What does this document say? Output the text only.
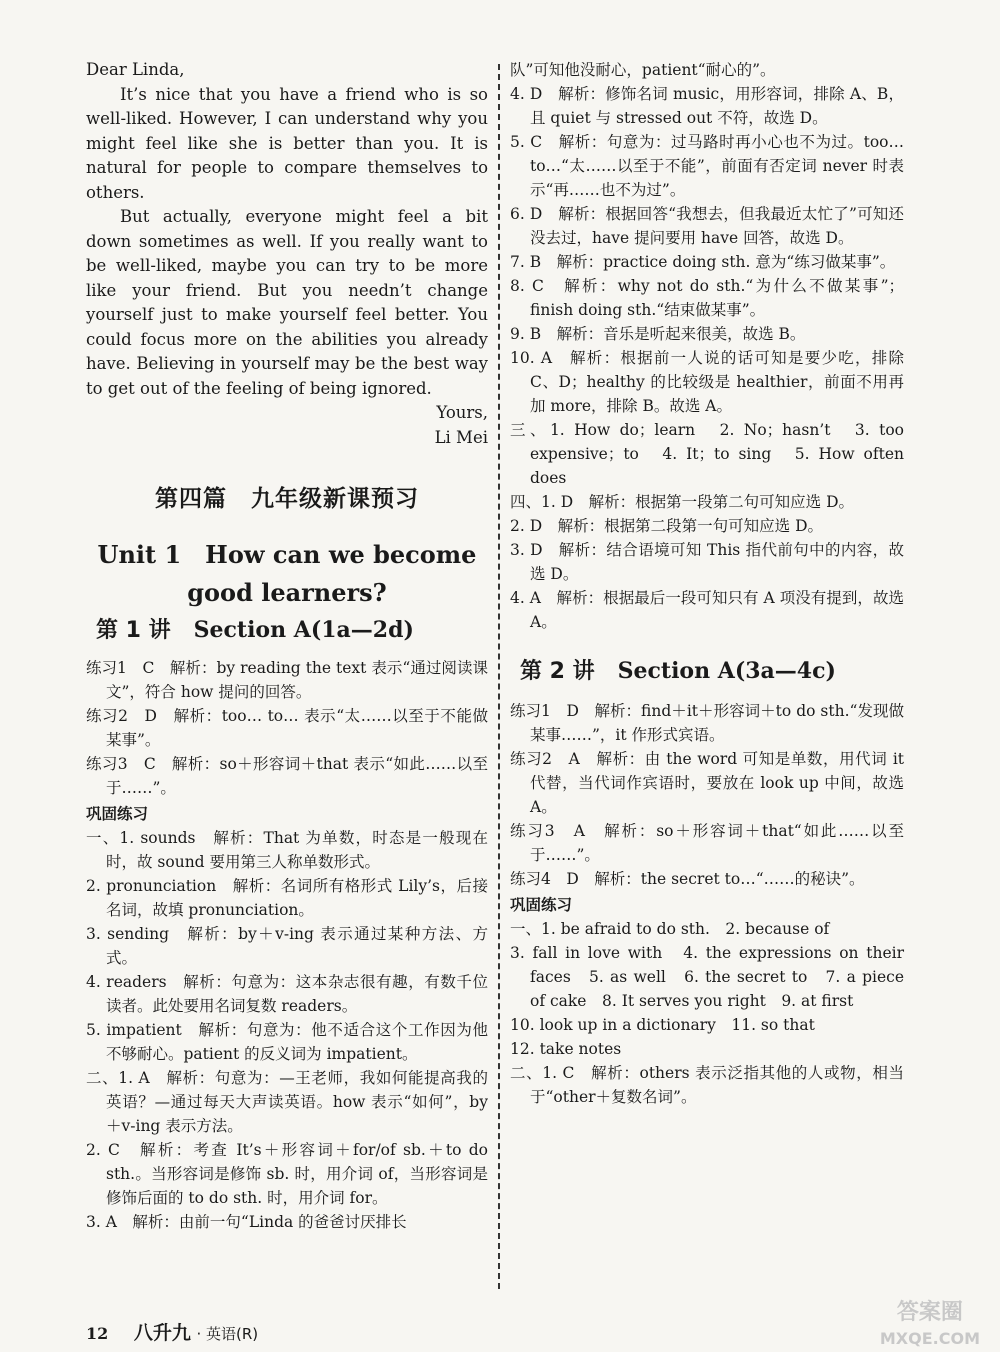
Dear Linda,

It’s nice that you have a friend who is so well-liked. However, I can understand why you might feel like she is better than you. It is natural for people to compare themselves to others.

But actually, everyone might feel a bit down sometimes as well. If you really want to be well-liked, maybe you can try to be more like your friend. But you needn’t change yourself just to make yourself feel better. You could focus more on the abilities you already have. Believing in yourself may be the best way to get out of the feeling of being ignored.

Yours,

Li Mei

第四篇　九年级新课预习
Unit 1　How can we become
good learners?
第 1 讲 Section A(1a—2d)

练习1　C　解析：by reading the text 表示“通过阅读课文”，符合 how 提问的回答。

练习2　D　解析：too… to… 表示“太……以至于不能做某事”。

练习3　C　解析：so＋形容词＋that 表示“如此……以至于……”。

巩固练习

一、1. sounds　解析：That 为单数，时态是一般现在时，故 sound 要用第三人称单数形式。

2. pronunciation　解析：名词所有格形式 Lily’s，后接名词，故填 pronunciation。

3. sending　解析：by＋v-ing 表示通过某种方法、方式。

4. readers　解析：句意为：这本杂志很有趣，有数千位读者。此处要用名词复数 readers。

5. impatient　解析：句意为：他不适合这个工作因为他不够耐心。patient 的反义词为 impatient。

二、1. A　解析：句意为：—王老师，我如何能提高我的英语？—通过每天大声读英语。how 表示“如何”，by＋v-ing 表示方法。

2. C　解析：考查 It’s＋形容词＋for/of sb.＋to do sth.。当形容词是修饰 sb. 时，用介词 of，当形容词是修饰后面的 to do sth. 时，用介词 for。

3. A　解析：由前一句“Linda 的爸爸讨厌排长

队”可知他没耐心，patient“耐心的”。

4. D　解析：修饰名词 music，用形容词，排除 A、B，且 quiet 与 stressed out 不符，故选 D。

5. C　解析：句意为：过马路时再小心也不为过。too… to…“太……以至于不能”，前面有否定词 never 时表示“再……也不为过”。

6. D　解析：根据回答“我想去，但我最近太忙了”可知还没去过，have 提问要用 have 回答，故选 D。

7. B　解析：practice doing sth. 意为“练习做某事”。

8. C　解析：why not do sth.“为什么不做某事”；finish doing sth.“结束做某事”。

9. B　解析：音乐是听起来很美，故选 B。

10. A　解析：根据前一人说的话可知是要少吃，排除 C、D；healthy 的比较级是 healthier，前面不用再加 more，排除 B。故选 A。

三、1. How do；learn　2. No；hasn’t　3. too expensive；to　4. It；to sing　5. How often does

四、1. D　解析：根据第一段第二句可知应选 D。

2. D　解析：根据第二段第一句可知应选 D。

3. D　解析：结合语境可知 This 指代前句中的内容，故选 D。

4. A　解析：根据最后一段可知只有 A 项没有提到，故选 A。

第 2 讲 Section A(3a—4c)

练习1　D　解析：find＋it＋形容词＋to do sth.“发现做某事……”，it 作形式宾语。

练习2　A　解析：由 the word 可知是单数，用代词 it 代替，当代词作宾语时，要放在 look up 中间，故选 A。

练习3　A　解析：so＋形容词＋that“如此……以至于……”。

练习4　D　解析：the secret to…“……的秘诀”。

巩固练习

一、1. be afraid to do sth.　2. because of

3. fall in love with　4. the expressions on their faces　5. as well　6. the secret to　7. a piece of cake　8. It serves you right　9. at first

10. look up in a dictionary　11. so that

12. take notes

二、1. C　解析：others 表示泛指其他的人或物，相当于“other＋复数名词”。

12 八升九 · 英语(R)
答案圈
MXQE.COM
